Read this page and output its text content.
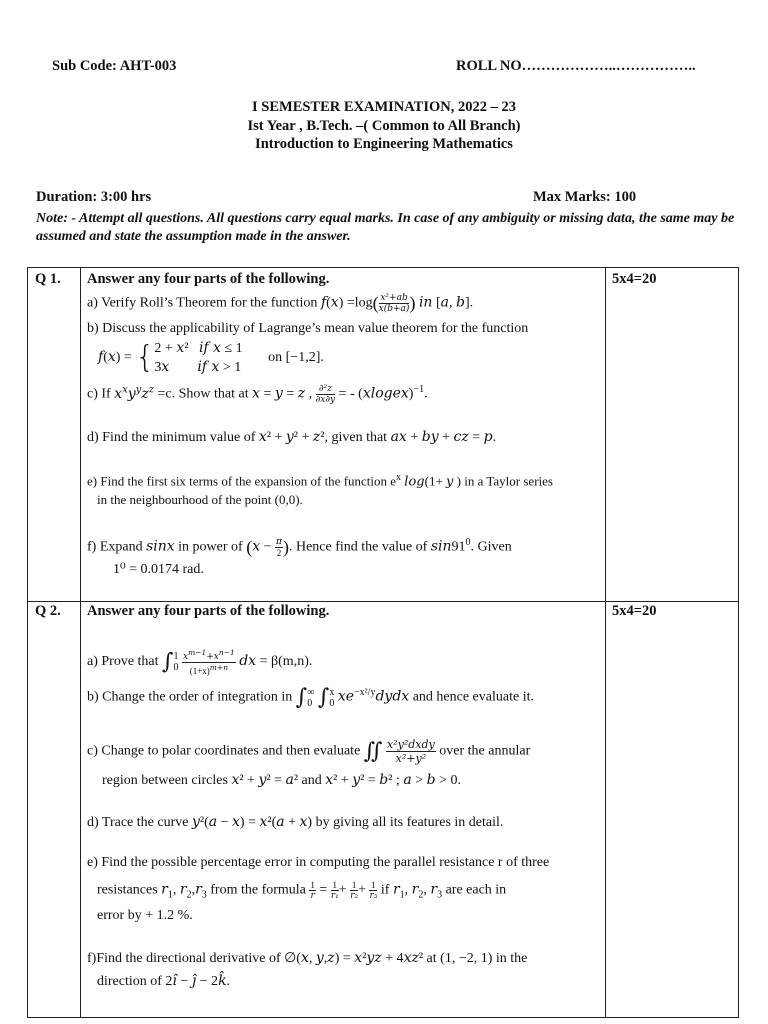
Sub Code: AHT-003	ROLL NO………………..……………..
I SEMESTER EXAMINATION, 2022 – 23
Ist Year , B.Tech. –( Common to All Branch)
Introduction to Engineering Mathematics
Duration: 3:00 hrs	Max Marks: 100
Note: - Attempt all questions. All questions carry equal marks. In case of any ambiguity or missing data, the same may be assumed and state the assumption made in the answer.
Q 1. Answer any four parts of the following.	5x4=20
a) Verify Roll’s Theorem for the function $f(x) =\log( \frac{\text{x²+ab}}{x(b+a)}$ ) in [a, b].
b) Discuss the applicability of Lagrange’s mean value theorem for the function
f(x) = {2 + x²   if x ≤ 1
3x if x > 1 on [−1,2].
c) If $x^xy^yz^z =c$. Show that at x = y = z , $\frac{\text{∂²z}}{\partial x\partial y}$ = - (xlogex)$^{-1}$.
d) Find the minimum value of x² + y² + z², given that ax + by + cz = p.
e) Find the first six terms of the expansion of the function $e^x$ log(1+ y ) in a Taylor series
in the neighbourhood of the point (0,0).
f) Expand sinx in power of ($x - \frac{\pi}{2}$ ). Hence find the value of $\sin 91^0$. Given
1⁰ = 0.0174 rad.
Q 2. Answer any four parts of the following.	5x4=20
a) Prove that ∫1
$0 \frac{x^{m-1}+x^{n-1}}{(1+x)^{m+n}}$ dx = β(m,n).
b) Change the order of integration in ∫∞
0 ∫x
0 $xe^{-x^2/y}dydx$ and hence evaluate it.
c) Change to polar coordinates and then evaluate ∬ x²y²dxdy
x²+y² over the annular
region between circles x² + y² = a² and x² + y² = b² ; a > b > 0.
d) Trace the curve y²(a − x) = x²(a + x) by giving all its features in detail.
e) Find the possible percentage error in computing the parallel resistance r of three
resistances $r_1$, $r_2,r_3$ from the formula $\frac{1}{r} = \frac{1}{\text{r₁}} + \frac{1}{\text{r₂}} + \frac{1}{\text{r₃}}$ if $r_1$, $r_2$, $r_3$ are each in
error by + 1.2 %.
f)Find the directional derivative of ∅(x, y,z) = x²yz + 4xz² at (1, −2, 1) in the
direction of 2î − ĵ − 2k̂.
